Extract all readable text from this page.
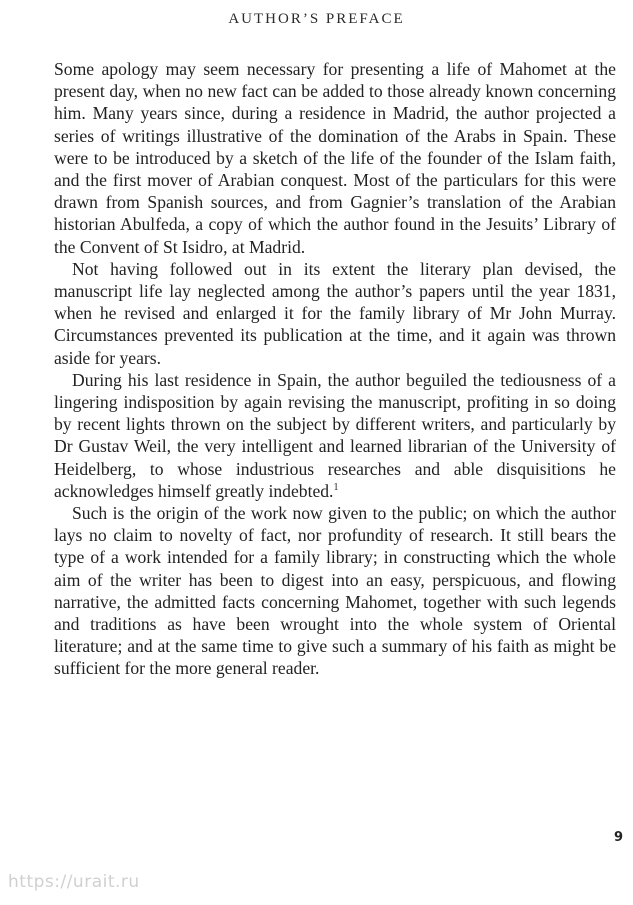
AUTHOR’S PREFACE

Some apology may seem necessary for presenting a life of Mahomet at the present day, when no new fact can be added to those already known concerning him. Many years since, during a residence in Madrid, the author projected a series of writings illustrative of the domination of the Arabs in Spain. These were to be introduced by a sketch of the life of the founder of the Islam faith, and the first mover of Arabian conquest. Most of the particulars for this were drawn from Spanish sources, and from Gagnier’s translation of the Arabian historian Abulfeda, a copy of which the author found in the Jesuits’ Library of the Convent of St Isidro, at Madrid.

Not having followed out in its extent the literary plan devised, the manuscript life lay neglected among the author’s papers until the year 1831, when he revised and enlarged it for the family library of Mr John Murray. Circumstances prevented its publication at the time, and it again was thrown aside for years.

During his last residence in Spain, the author beguiled the tediousness of a lingering indisposition by again revising the manuscript, profiting in so doing by recent lights thrown on the subject by different writers, and particularly by Dr Gustav Weil, the very intelligent and learned librarian of the University of Heidelberg, to whose industrious researches and able disquisitions he acknowledges himself greatly indebted.$^1$

Such is the origin of the work now given to the public; on which the author lays no claim to novelty of fact, nor profundity of research. It still bears the type of a work intended for a family library; in constructing which the whole aim of the writer has been to digest into an easy, perspicuous, and flowing narrative, the admitted facts concerning Mahomet, together with such legends and traditions as have been wrought into the whole system of Oriental literature; and at the same time to give such a summary of his faith as might be sufficient for the more general reader.

9
https://urait.ru
